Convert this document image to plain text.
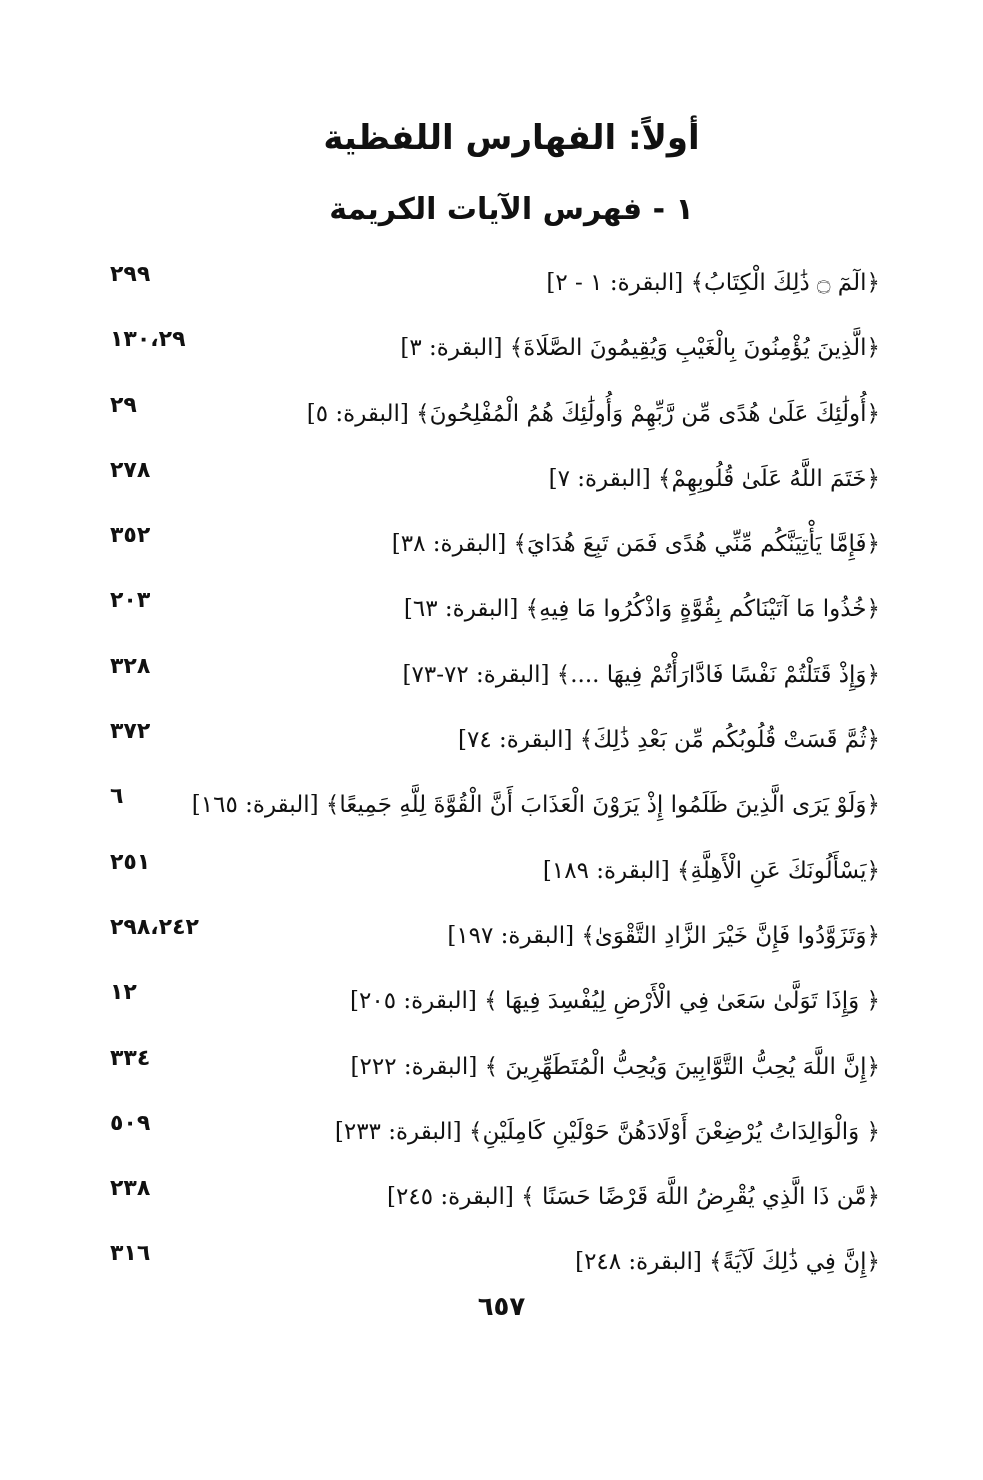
أولاً: الفهارس اللفظية
١ - فهرس الآيات الكريمة
﴿الٓمٓ ۝ ذَٰلِكَ الْكِتَابُ﴾ [البقرة: ١ - ٢]
٢٩٩
﴿الَّذِينَ يُؤْمِنُونَ بِالْغَيْبِ وَيُقِيمُونَ الصَّلَاةَ﴾ [البقرة: ٣]
١٣٠،٢٩
﴿أُولَٰئِكَ عَلَىٰ هُدًى مِّن رَّبِّهِمْ وَأُولَٰئِكَ هُمُ الْمُفْلِحُونَ﴾ [البقرة: ٥]
٢٩
﴿خَتَمَ اللَّهُ عَلَىٰ قُلُوبِهِمْ﴾ [البقرة: ٧]
٢٧٨
﴿فَإِمَّا يَأْتِيَنَّكُم مِّنِّي هُدًى فَمَن تَبِعَ هُدَايَ﴾ [البقرة: ٣٨]
٣٥٢
﴿خُذُوا مَا آتَيْنَاكُم بِقُوَّةٍ وَاذْكُرُوا مَا فِيهِ﴾ [البقرة: ٦٣]
٢٠٣
﴿وَإِذْ قَتَلْتُمْ نَفْسًا فَادَّارَأْتُمْ فِيهَا ....﴾ [البقرة: ٧٢-٧٣]
٣٢٨
﴿ثُمَّ قَسَتْ قُلُوبُكُم مِّن بَعْدِ ذَٰلِكَ﴾ [البقرة: ٧٤]
٣٧٢
﴿وَلَوْ يَرَى الَّذِينَ ظَلَمُوا إِذْ يَرَوْنَ الْعَذَابَ أَنَّ الْقُوَّةَ لِلَّهِ جَمِيعًا﴾ [البقرة: ١٦٥]
٦
﴿يَسْأَلُونَكَ عَنِ الْأَهِلَّةِ﴾ [البقرة: ١٨٩]
٢٥١
﴿وَتَزَوَّدُوا فَإِنَّ خَيْرَ الزَّادِ التَّقْوَىٰ﴾ [البقرة: ١٩٧]
٢٩٨،٢٤٢
﴿ وَإِذَا تَوَلَّىٰ سَعَىٰ فِي الْأَرْضِ لِيُفْسِدَ فِيهَا ﴾ [البقرة: ٢٠٥]
١٢
﴿إِنَّ اللَّهَ يُحِبُّ التَّوَّابِينَ وَيُحِبُّ الْمُتَطَهِّرِينَ ﴾ [البقرة: ٢٢٢]
٣٣٤
﴿ وَالْوَالِدَاتُ يُرْضِعْنَ أَوْلَادَهُنَّ حَوْلَيْنِ كَامِلَيْنِ﴾ [البقرة: ٢٣٣]
٥٠٩
﴿مَّن ذَا الَّذِي يُقْرِضُ اللَّهَ قَرْضًا حَسَنًا ﴾ [البقرة: ٢٤٥]
٢٣٨
﴿إِنَّ فِي ذَٰلِكَ لَآيَةً﴾ [البقرة: ٢٤٨]
٣١٦
٦٥٧
